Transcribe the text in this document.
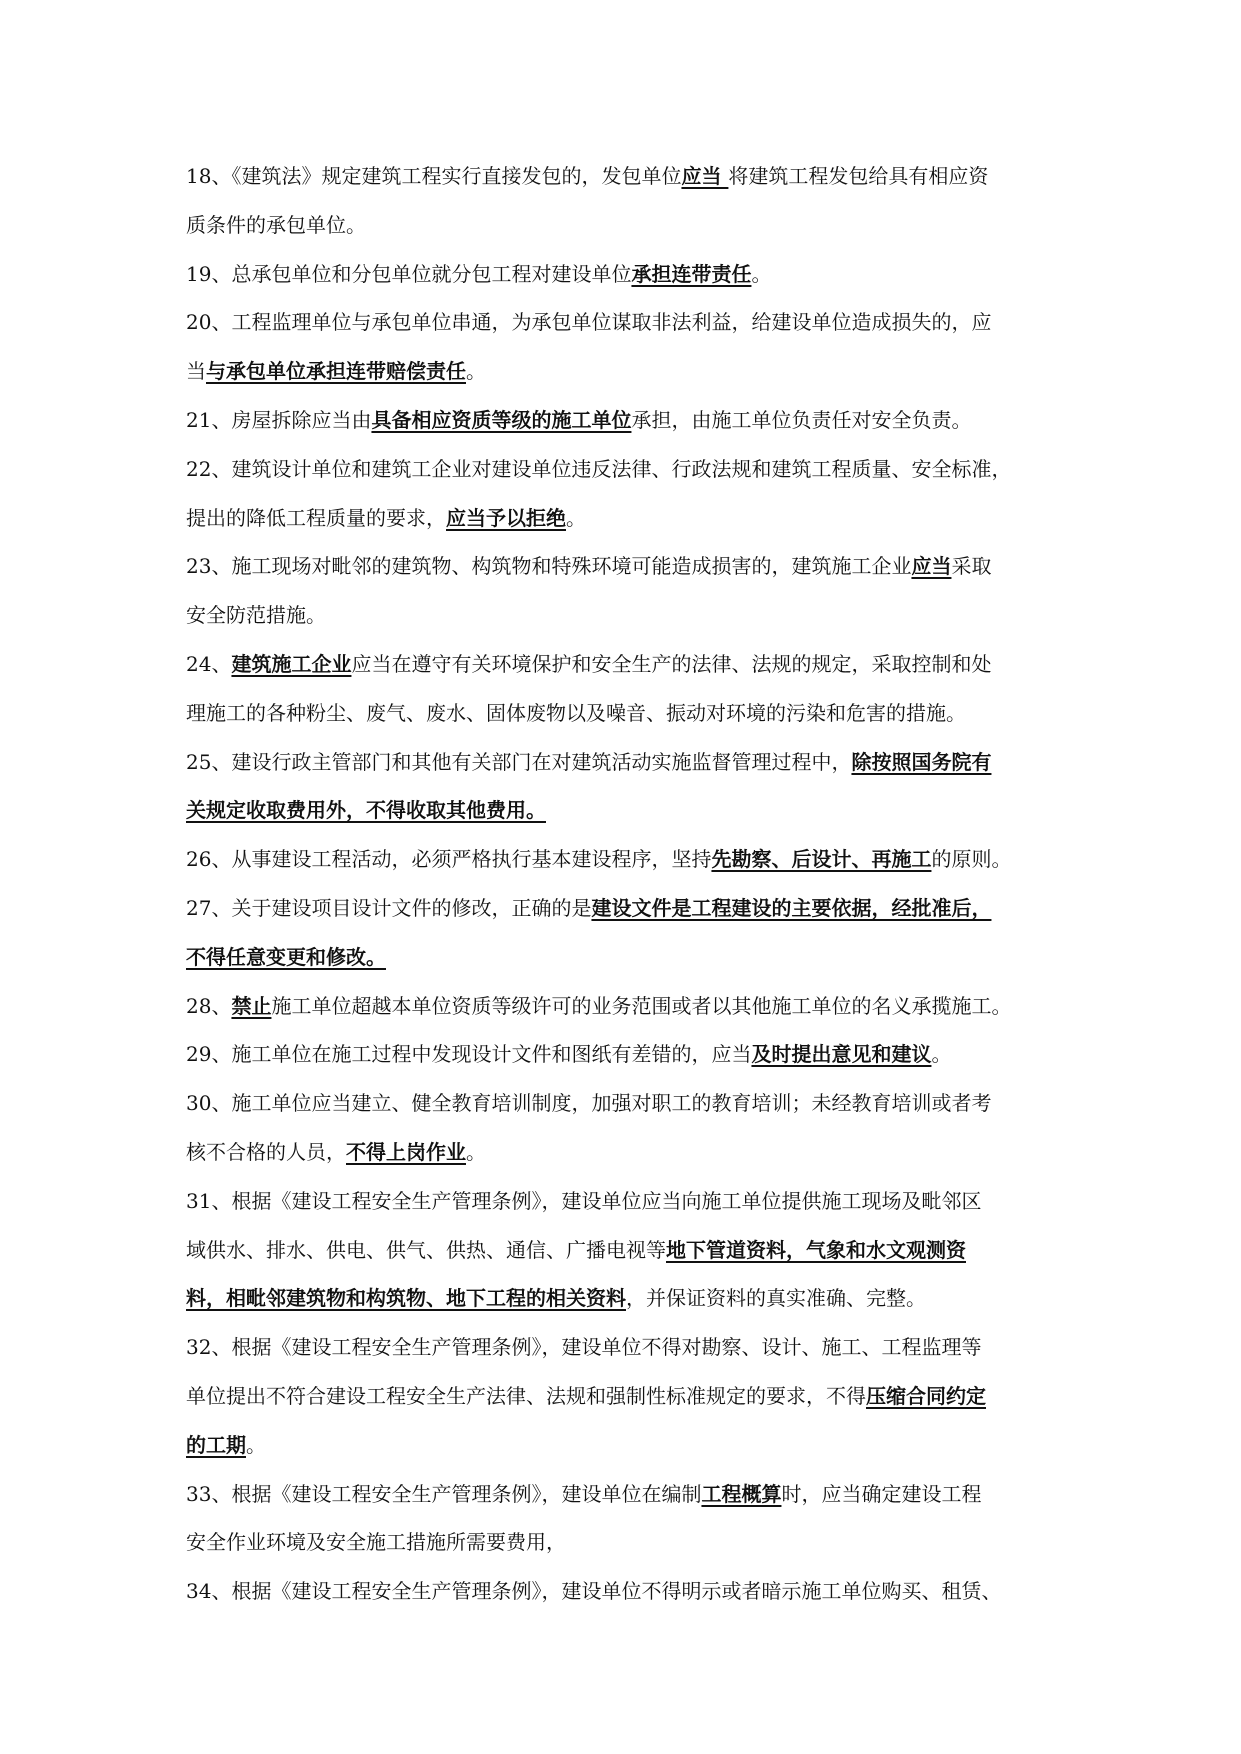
18、《建筑法》规定建筑工程实行直接发包的，发包单位应当 将建筑工程发包给具有相应资
质条件的承包单位。
19、总承包单位和分包单位就分包工程对建设单位承担连带责任。
20、工程监理单位与承包单位串通，为承包单位谋取非法利益，给建设单位造成损失的，应
当与承包单位承担连带赔偿责任。
21、房屋拆除应当由具备相应资质等级的施工单位承担，由施工单位负责任对安全负责。
22、建筑设计单位和建筑工企业对建设单位违反法律、行政法规和建筑工程质量、安全标准，
提出的降低工程质量的要求，应当予以拒绝。
23、施工现场对毗邻的建筑物、构筑物和特殊环境可能造成损害的，建筑施工企业应当采取
安全防范措施。
24、建筑施工企业应当在遵守有关环境保护和安全生产的法律、法规的规定，采取控制和处
理施工的各种粉尘、废气、废水、固体废物以及噪音、振动对环境的污染和危害的措施。
25、建设行政主管部门和其他有关部门在对建筑活动实施监督管理过程中，除按照国务院有
关规定收取费用外，不得收取其他费用。
26、从事建设工程活动，必须严格执行基本建设程序，坚持先勘察、后设计、再施工的原则。
27、关于建设项目设计文件的修改，正确的是建设文件是工程建设的主要依据，经批准后，
不得任意变更和修改。
28、禁止施工单位超越本单位资质等级许可的业务范围或者以其他施工单位的名义承揽施工。
29、施工单位在施工过程中发现设计文件和图纸有差错的，应当及时提出意见和建议。
30、施工单位应当建立、健全教育培训制度，加强对职工的教育培训；未经教育培训或者考
核不合格的人员，不得上岗作业。
31、根据《建设工程安全生产管理条例》，建设单位应当向施工单位提供施工现场及毗邻区
域供水、排水、供电、供气、供热、通信、广播电视等地下管道资料，气象和水文观测资
料，相毗邻建筑物和构筑物、地下工程的相关资料，并保证资料的真实准确、完整。
32、根据《建设工程安全生产管理条例》，建设单位不得对勘察、设计、施工、工程监理等
单位提出不符合建设工程安全生产法律、法规和强制性标准规定的要求，不得压缩合同约定
的工期。
33、根据《建设工程安全生产管理条例》，建设单位在编制工程概算时，应当确定建设工程
安全作业环境及安全施工措施所需要费用，
34、根据《建设工程安全生产管理条例》，建设单位不得明示或者暗示施工单位购买、租赁、
